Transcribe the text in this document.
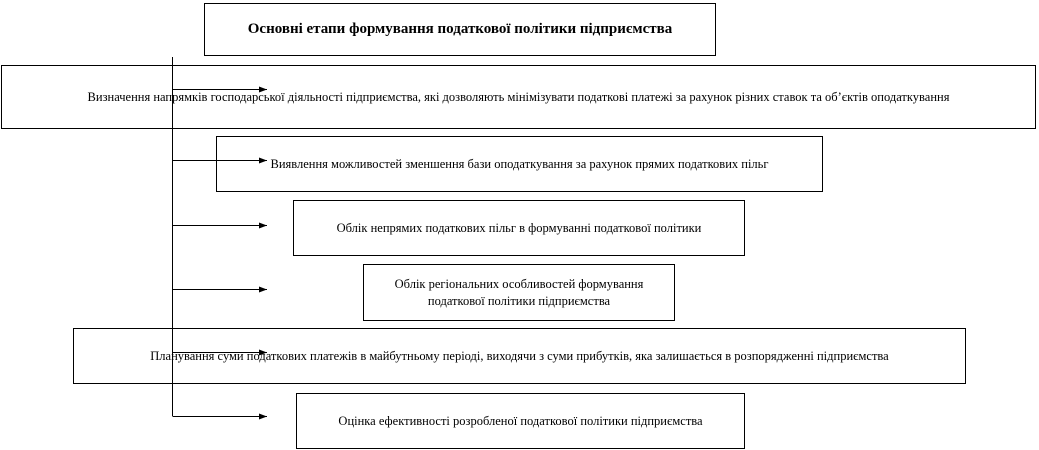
Основні етапи формування податкової політики підприємства
Визначення напрямків господарської діяльності підприємства, які дозволяють мінімізувати податкові платежі за рахунок різних ставок та об’єктів оподаткування
Виявлення можливостей зменшення бази оподаткування за рахунок прямих податкових пільг
Облік непрямих податкових пільг в формуванні податкової політики
Облік регіональних особливостей формування податкової політики підприємства
Планування суми податкових платежів в майбутньому періоді, виходячи з суми прибутків, яка залишається в розпорядженні підприємства
Оцінка ефективності розробленої податкової політики підприємства
